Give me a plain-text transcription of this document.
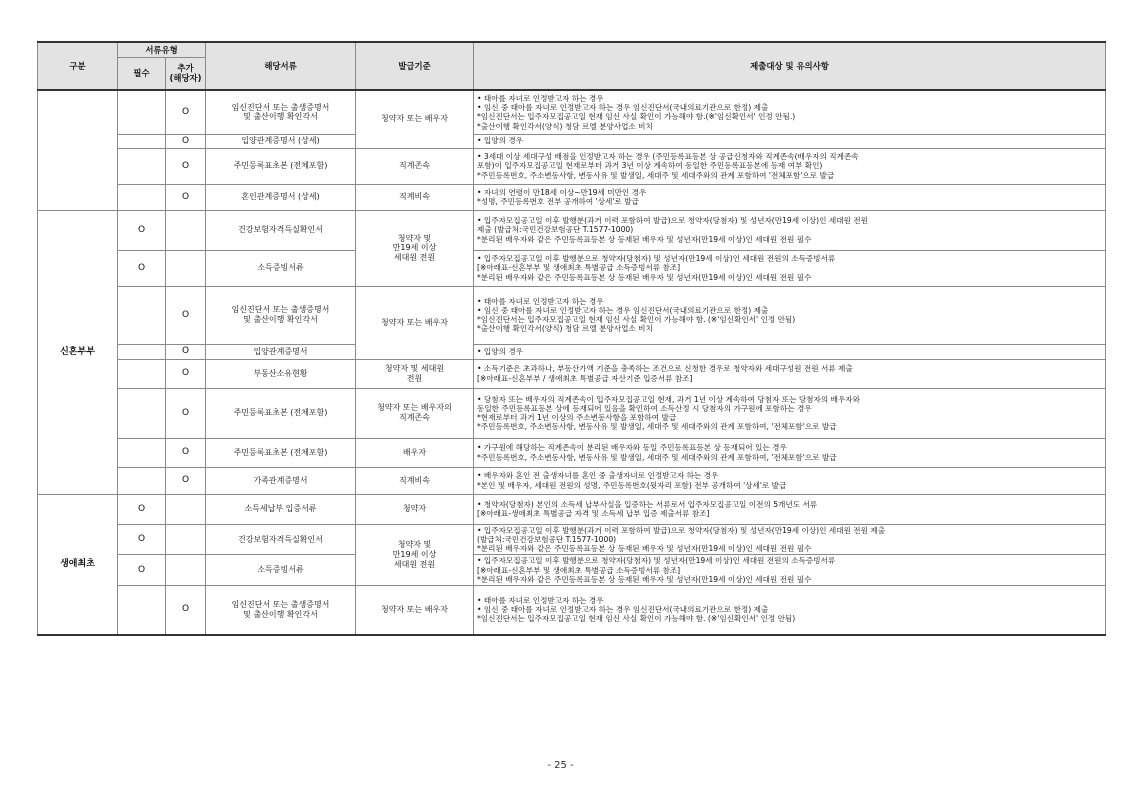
구분	서류유형		해당서류	발급기준	제출대상 및 유의사항
	필수	추가
(해당자)			
		O	임신진단서 또는 출생증명서
및 출산이행 확인각서	청약자 또는 배우자	• 태아를 자녀로 인정받고자 하는 경우
• 임신 중 태아를 자녀로 인정받고자 하는 경우 임신진단서(국내의료기관으로 한정) 제출
*임신진단서는 입주자모집공고일 현재 임신 사실 확인이 가능해야 함.(※'임신확인서' 인정 안됨.)
*출산이행 확인각서(양식) 청담 르엘 분양사업소 비치

		O	입양관계증명서 (상세)		• 입양의 경우

		O	주민등록표초본 (전체포함)	직계존속	• 3세대 이상 세대구성 배점을 인정받고자 하는 경우 (주민등록표등본 상 공급신청자와 직계존속(배우자의 직계존속
포함)이 입주자모집공고일 현재로부터 과거 3년 이상 계속하여 동일한 주민등록표등본에 등재 여부 확인)
*주민등록번호, 주소변동사항, 변동사유 및 발생일, 세대주 및 세대주와의 관계 포함하여 '전체포함'으로 발급

		O	혼인관계증명서 (상세)	직계비속	• 자녀의 연령이 만18세 이상~만19세 미만인 경우
*성명, 주민등록번호 전부 공개하여 '상세'로 발급

신혼부부	O		건강보험자격득실확인서	청약자 및
만19세 이상
세대원 전원	• 입주자모집공고일 이후 발행분(과거 이력 포함하여 발급)으로 청약자(당첨자) 및 성년자(만19세 이상)인 세대원 전원
제출 (발급처:국민건강보험공단 T.1577-1000)
*분리된 배우자와 같은 주민등록표등본 상 등재된 배우자 및 성년자(만19세 이상)인 세대원 전원 필수

	O		소득증빙서류		• 입주자모집공고일 이후 발행분으로 청약자(당첨자) 및 성년자(만19세 이상)인 세대원 전원의 소득증빙서류
[※아래표-신혼부부 및 생애최초 특별공급 소득증빙서류 참조]
*분리된 배우자와 같은 주민등록표등본 상 등재된 배우자 및 성년자(만19세 이상)인 세대원 전원 필수

		O	임신진단서 또는 출생증명서
및 출산이행 확인각서	청약자 또는 배우자	• 태아를 자녀로 인정받고자 하는 경우
• 임신 중 태아를 자녀로 인정받고자 하는 경우 임신진단서(국내의료기관으로 한정) 제출
*임신진단서는 입주자모집공고일 현재 임신 사실 확인이 가능해야 함. (※'임신확인서' 인정 안됨)
*출산이행 확인각서(양식) 청담 르엘 분양사업소 비치

		O	입양관계증명서		• 입양의 경우

		O	부동산소유현황	청약자 및 세대원
전원	• 소득기준은 초과하나, 부동산가액 기준을 충족하는 조건으로 신청한 경우로 청약자와 세대구성원 전원 서류 제출
[※아래표-신혼부부 / 생애최초 특별공급 자산기준 입증서류 참조]

		O	주민등록표초본 (전체포함)	청약자 또는 배우자의
직계존속	• 당첨자 또는 배우자의 직계존속이 입주자모집공고일 현재, 과거 1년 이상 계속하여 당첨자 또는 당첨자의 배우자와
동일한 주민등록표등본 상에 등재되어 있음을 확인하여 소득산정 시 당첨자의 가구원에 포함하는 경우
*현재로부터 과거 1년 이상의 주소변동사항을 포함하여 발급
*주민등록번호, 주소변동사항, 변동사유 및 발생일, 세대주 및 세대주와의 관계 포함하여, '전체포함'으로 발급

		O	주민등록표초본 (전체포함)	배우자	• 가구원에 해당하는 직계존속이 분리된 배우자와 동일 주민등록표등본 상 등재되어 있는 경우
*주민등록번호, 주소변동사항, 변동사유 및 발생일, 세대주 및 세대주와의 관계 포함하여, '전체포함'으로 발급

		O	가족관계증명서	직계비속	• 배우자와 혼인 전 출생자녀를 혼인 중 출생자녀로 인정받고자 하는 경우
*본인 및 배우자, 세대원 전원의 성명, 주민등록번호(뒷자리 포함) 전부 공개하여 '상세'로 발급

생애최초	O		소득세납부 입증서류	청약자	• 청약자(당첨자) 본인의 소득세 납부사실을 입증하는 서류로서 입주자모집공고일 이전의 5개년도 서류
[※아래표-생애최초 특별공급 자격 및 소득세 납부 입증 제출서류 참조]

	O		건강보험자격득실확인서	청약자 및
만19세 이상
세대원 전원	• 입주자모집공고일 이후 발행분(과거 이력 포함하여 발급)으로 청약자(당첨자) 및 성년자(만19세 이상)인 세대원 전원 제출
(발급처:국민건강보험공단 T.1577-1000)
*분리된 배우자와 같은 주민등록표등본 상 등재된 배우자 및 성년자(만19세 이상)인 세대원 전원 필수

	O		소득증빙서류		• 입주자모집공고일 이후 발행분으로 청약자(당첨자) 및 성년자(만19세 이상)인 세대원 전원의 소득증빙서류
[※아래표-신혼부부 및 생애최초 특별공급 소득증빙서류 참조]
*분리된 배우자와 같은 주민등록표등본 상 등재된 배우자 및 성년자(만19세 이상)인 세대원 전원 필수

		O	임신진단서 또는 출생증명서
및 출산이행 확인각서	청약자 또는 배우자	• 태아를 자녀로 인정받고자 하는 경우
• 임신 중 태아를 자녀로 인정받고자 하는 경우 임신진단서(국내의료기관으로 한정) 제출
*임신진단서는 입주자모집공고일 현재 임신 사실 확인이 가능해야 함. (※'임신확인서' 인정 안됨)
- 25 -
